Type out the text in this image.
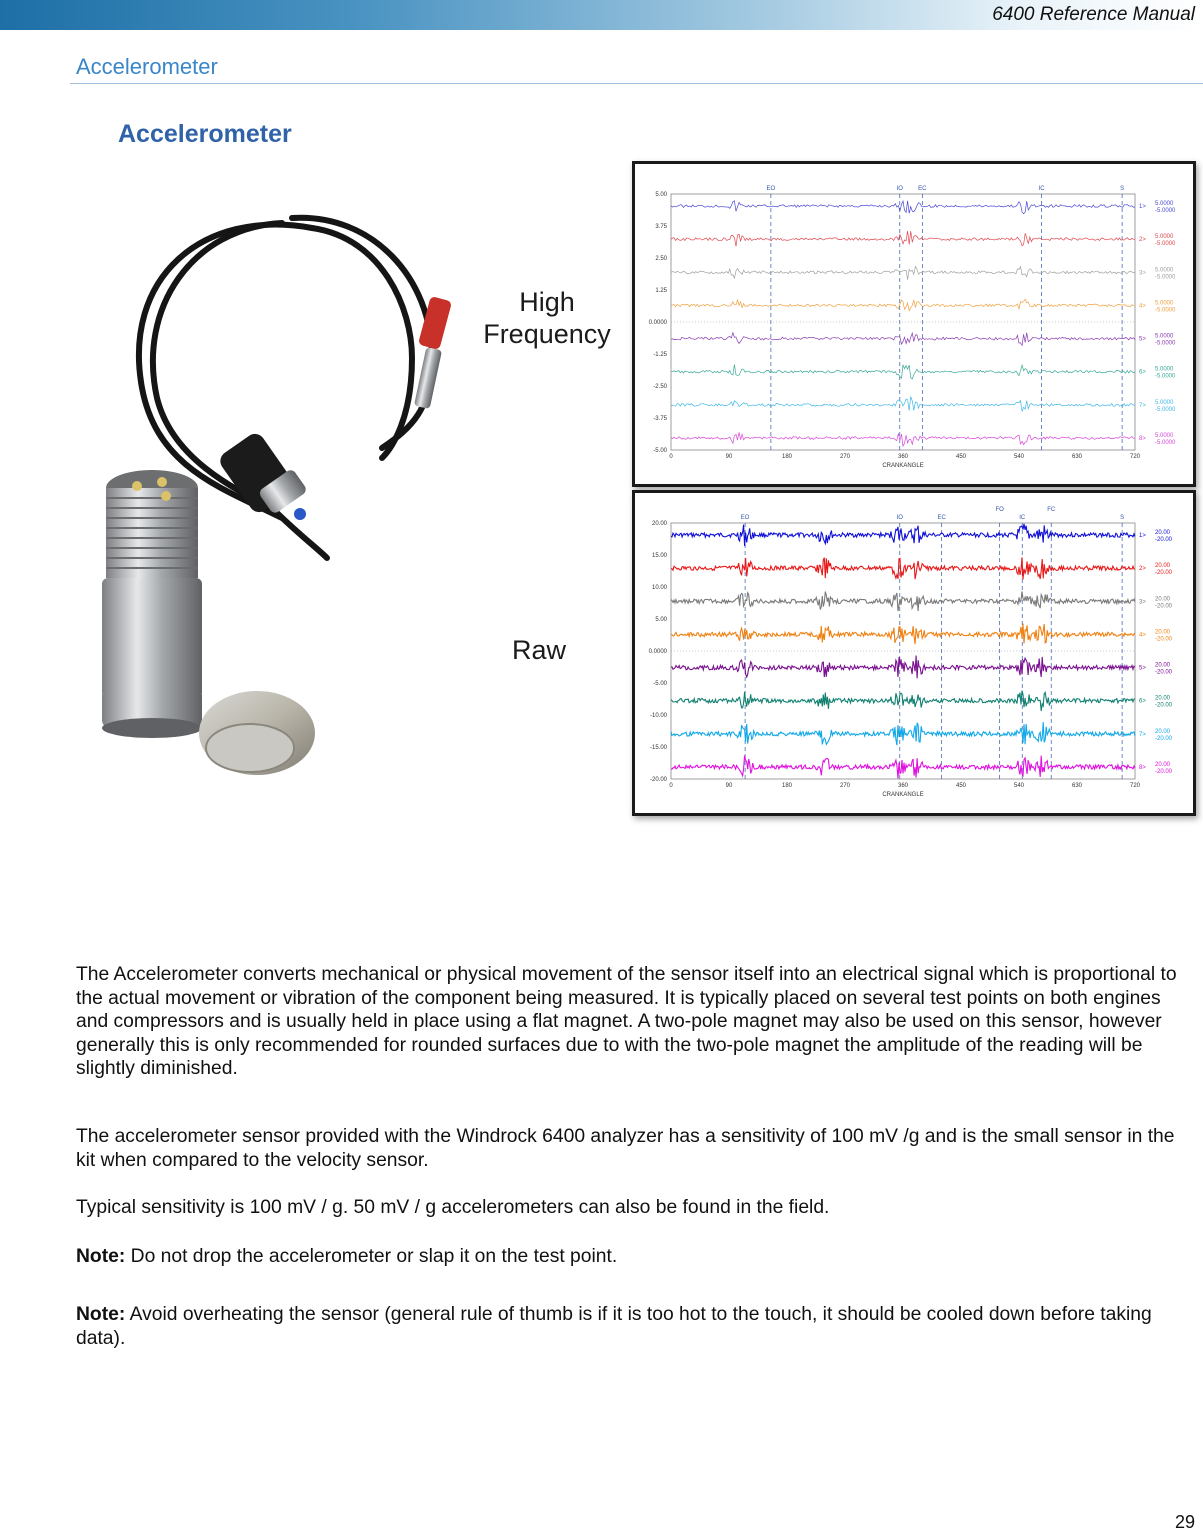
6400 Reference Manual
Accelerometer
Accelerometer
High Frequency
Raw
5.00
3.75
2.50
1.25
0.0000
-1.25
-2.50
-3.75
-5.00
0	90	180	270	360	450	540	630	720
CRANKANGLE
EO	IO	EC	IC	S
1> 5.0000
-5.0000
2> 5.0000
-5.0000
3> 5.0000
-5.0000
4> 5.0000
-5.0000
5> 5.0000
-5.0000
6> 5.0000
-5.0000
7> 5.0000
-5.0000
8> 5.0000
-5.0000
20.00
15.00
10.00
5.00
0.0000
-5.00
-10.00
-15.00
-20.00
0	90	180	270	360	450	540	630	720
CRANKANGLE
EO	IO	EC
FO
IC
FC
S
1> 20.00
-20.00
2> 20.00
-20.00
3> 20.00
-20.00
4> 20.00
-20.00
5> 20.00
-20.00
6> 20.00
-20.00
7> 20.00
-20.00
8> 20.00
-20.00

The Accelerometer converts mechanical or physical movement of the sensor itself into an electrical signal which is proportional to the actual movement or vibration of the component being measured. It is typically placed on several test points on both engines and compressors and is usually held in place using a flat magnet. A two-pole magnet may also be used on this sensor, however generally this is only recommended for rounded surfaces due to with the two-pole magnet the amplitude of the reading will be slightly diminished.

The accelerometer sensor provided with the Windrock 6400 analyzer has a sensitivity of 100 mV /g and is the small sensor in the kit when compared to the velocity sensor.

Typical sensitivity is 100 mV / g. 50 mV / g accelerometers can also be found in the field.

Note: Do not drop the accelerometer or slap it on the test point.

Note: Avoid overheating the sensor (general rule of thumb is if it is too hot to the touch, it should be cooled down before taking data).

29
